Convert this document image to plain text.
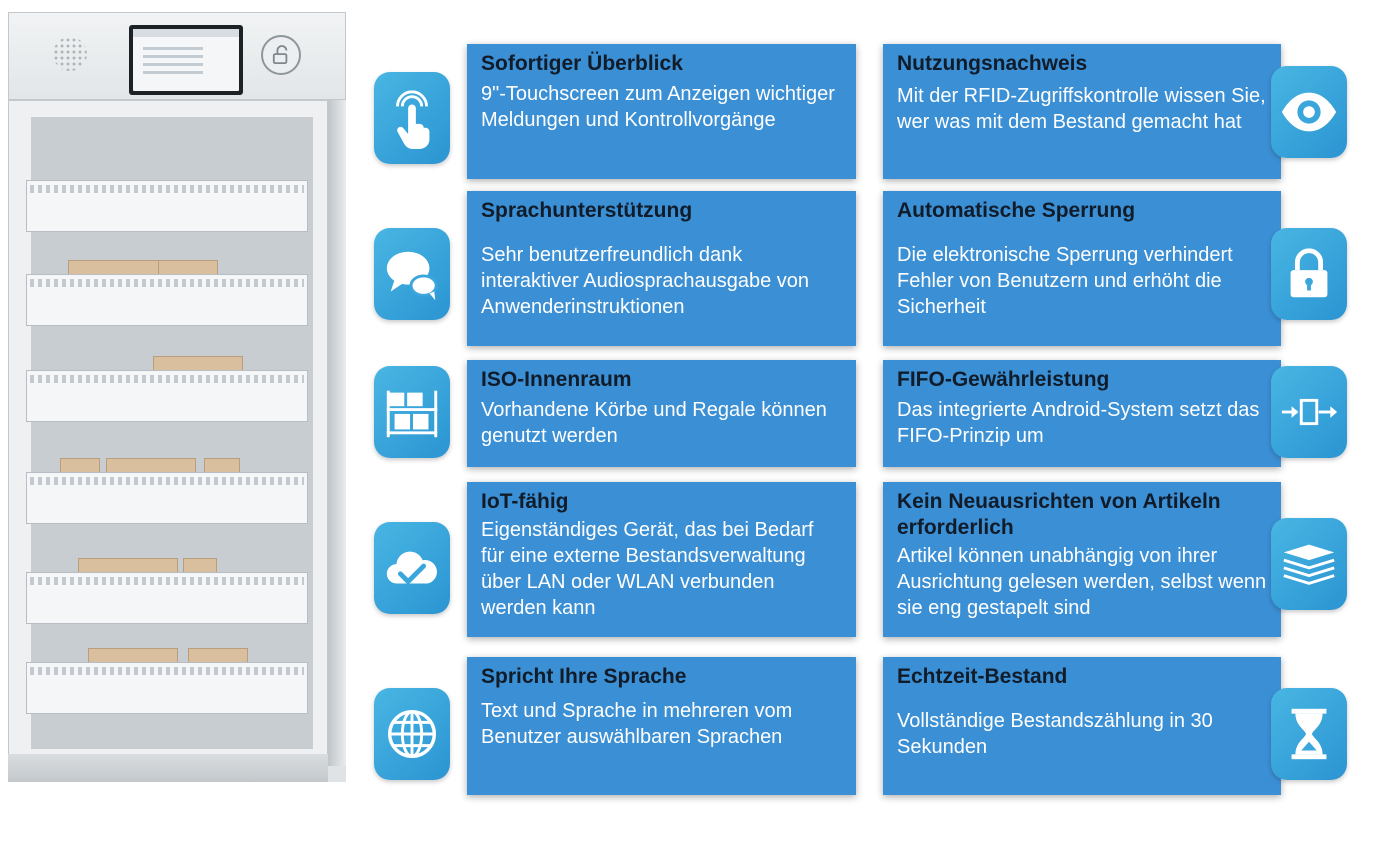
Sofortiger Überblick

9"-Touchscreen zum Anzeigen wichtiger Meldungen und Kontrollvorgänge

Sprachunterstützung

Sehr benutzerfreundlich dank interaktiver Audiosprachausgabe von Anwenderinstruktionen

ISO-Innenraum

Vorhandene Körbe und Regale können genutzt werden

IoT-fähig

Eigenständiges Gerät, das bei Bedarf für eine externe Bestandsverwaltung über LAN oder WLAN verbunden werden kann

Spricht Ihre Sprache

Text und Sprache in mehreren vom Benutzer auswählbaren Sprachen

Nutzungsnachweis

Mit der RFID-Zugriffskontrolle wissen Sie, wer was mit dem Bestand gemacht hat

Automatische Sperrung

Die elektronische Sperrung verhindert Fehler von Benutzern und erhöht die Sicherheit

FIFO-Gewährleistung

Das integrierte Android-System setzt das FIFO-Prinzip um

Kein Neuausrichten von Artikeln erforderlich

Artikel können unabhängig von ihrer Ausrichtung gelesen werden, selbst wenn sie eng gestapelt sind

Echtzeit-Bestand

Vollständige Bestandszählung in 30 Sekunden
